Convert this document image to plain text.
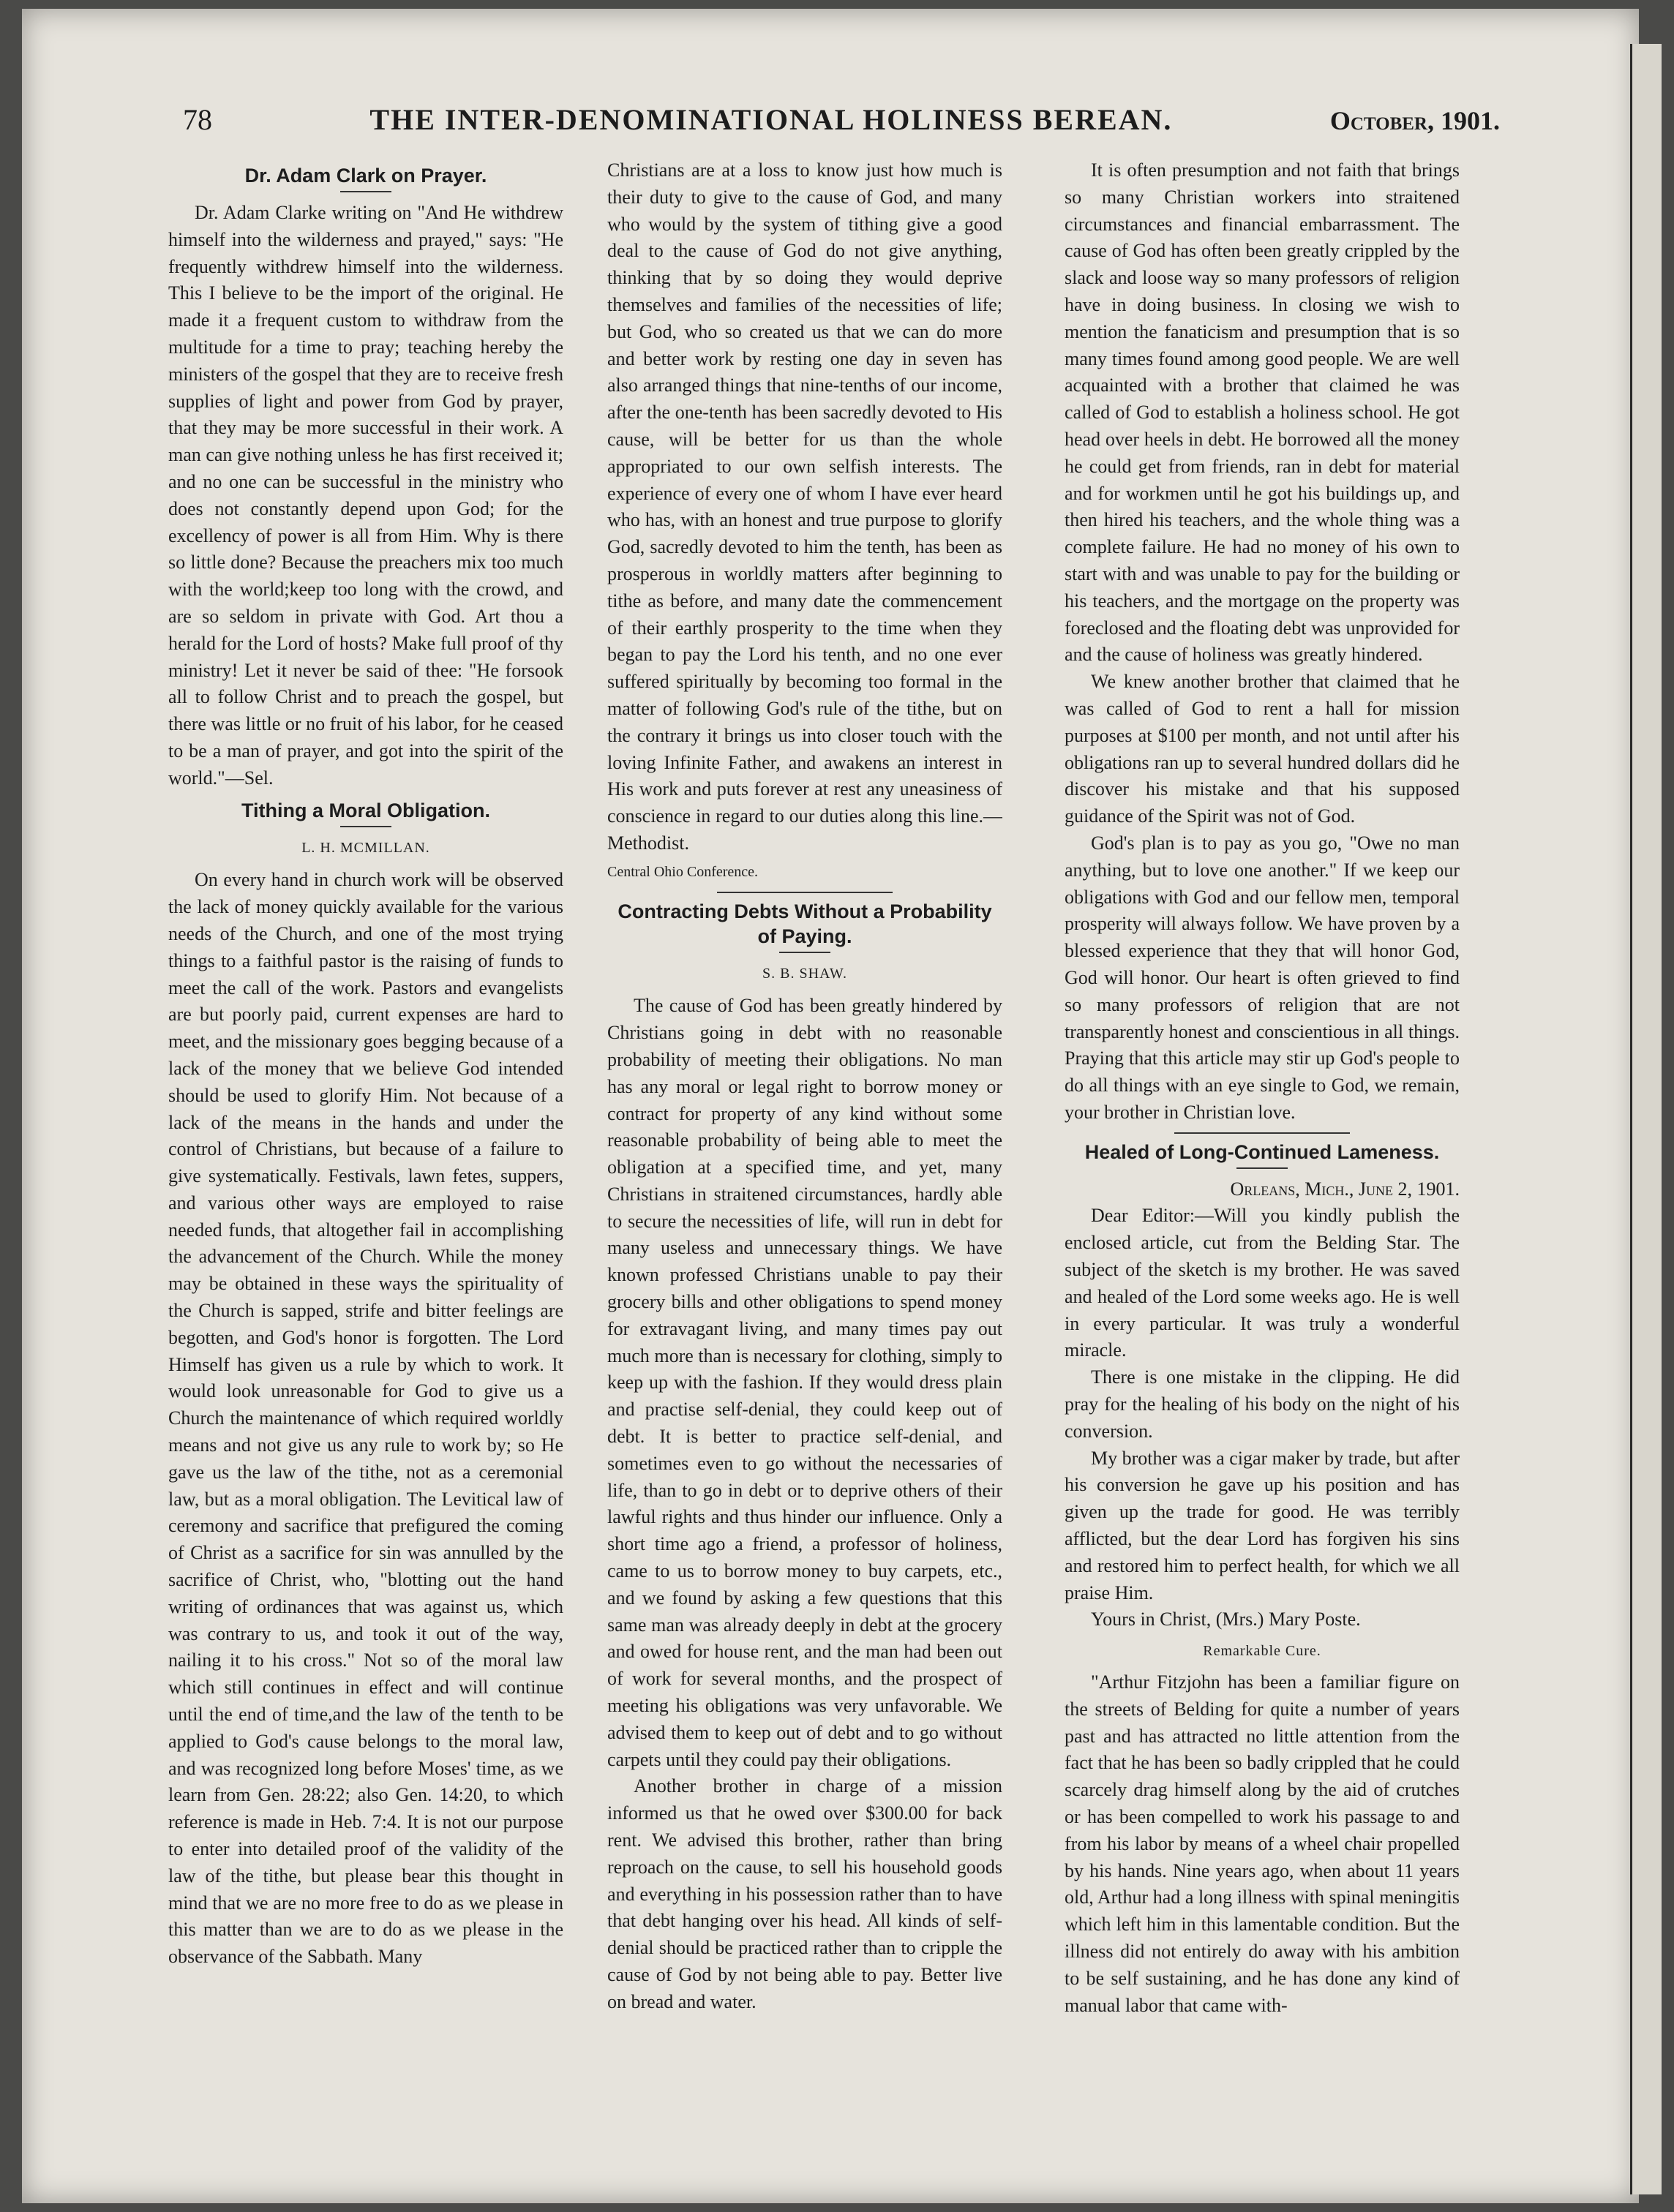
78	THE INTER-DENOMINATIONAL HOLINESS BEREAN.	October, 1901.
Dr. Adam Clark on Prayer.

Dr. Adam Clarke writing on "And He withdrew himself into the wilderness and prayed," says: "He frequently withdrew himself into the wilderness. This I believe to be the import of the original. He made it a frequent custom to withdraw from the multitude for a time to pray; teaching hereby the ministers of the gospel that they are to receive fresh supplies of light and power from God by prayer, that they may be more successful in their work. A man can give nothing unless he has first received it; and no one can be successful in the ministry who does not constantly depend upon God; for the excellency of power is all from Him. Why is there so little done? Because the preachers mix too much with the world;keep too long with the crowd, and are so seldom in private with God. Art thou a herald for the Lord of hosts? Make full proof of thy ministry! Let it never be said of thee: "He forsook all to follow Christ and to preach the gospel, but there was little or no fruit of his labor, for he ceased to be a man of prayer, and got into the spirit of the world."—Sel.

Tithing a Moral Obligation.
L. H. MCMILLAN.

On every hand in church work will be observed the lack of money quickly available for the various needs of the Church, and one of the most trying things to a faithful pastor is the raising of funds to meet the call of the work. Pastors and evangelists are but poorly paid, current expenses are hard to meet, and the missionary goes begging because of a lack of the money that we believe God intended should be used to glorify Him. Not because of a lack of the means in the hands and under the control of Christians, but because of a failure to give systematically. Festivals, lawn fetes, suppers, and various other ways are employed to raise needed funds, that altogether fail in accomplishing the advancement of the Church. While the money may be obtained in these ways the spirituality of the Church is sapped, strife and bitter feelings are begotten, and God's honor is forgotten. The Lord Himself has given us a rule by which to work. It would look unreasonable for God to give us a Church the maintenance of which required worldly means and not give us any rule to work by; so He gave us the law of the tithe, not as a ceremonial law, but as a moral obligation. The Levitical law of ceremony and sacrifice that prefigured the coming of Christ as a sacrifice for sin was annulled by the sacrifice of Christ, who, "blotting out the hand writing of ordinances that was against us, which was contrary to us, and took it out of the way, nailing it to his cross." Not so of the moral law which still continues in effect and will continue until the end of time,and the law of the tenth to be applied to God's cause belongs to the moral law, and was recognized long before Moses' time, as we learn from Gen. 28:22; also Gen. 14:20, to which reference is made in Heb. 7:4. It is not our purpose to enter into detailed proof of the validity of the law of the tithe, but please bear this thought in mind that we are no more free to do as we please in this matter than we are to do as we please in the observance of the Sabbath. Many

Christians are at a loss to know just how much is their duty to give to the cause of God, and many who would by the system of tithing give a good deal to the cause of God do not give anything, thinking that by so doing they would deprive themselves and families of the necessities of life; but God, who so created us that we can do more and better work by resting one day in seven has also arranged things that nine-tenths of our income, after the one-tenth has been sacredly devoted to His cause, will be better for us than the whole appropriated to our own selfish interests. The experience of every one of whom I have ever heard who has, with an honest and true purpose to glorify God, sacredly devoted to him the tenth, has been as prosperous in worldly matters after beginning to tithe as before, and many date the commencement of their earthly prosperity to the time when they began to pay the Lord his tenth, and no one ever suffered spiritually by becoming too formal in the matter of following God's rule of the tithe, but on the contrary it brings us into closer touch with the loving Infinite Father, and awakens an interest in His work and puts forever at rest any uneasiness of conscience in regard to our duties along this line.—Methodist.

Central Ohio Conference.
Contracting Debts Without a Probability of Paying.
S. B. SHAW.

The cause of God has been greatly hindered by Christians going in debt with no reasonable probability of meeting their obligations. No man has any moral or legal right to borrow money or contract for property of any kind without some reasonable probability of being able to meet the obligation at a specified time, and yet, many Christians in straitened circumstances, hardly able to secure the necessities of life, will run in debt for many useless and unnecessary things. We have known professed Christians unable to pay their grocery bills and other obligations to spend money for extravagant living, and many times pay out much more than is necessary for clothing, simply to keep up with the fashion. If they would dress plain and practise self-denial, they could keep out of debt. It is better to practice self-denial, and sometimes even to go without the necessaries of life, than to go in debt or to deprive others of their lawful rights and thus hinder our influence. Only a short time ago a friend, a professor of holiness, came to us to borrow money to buy carpets, etc., and we found by asking a few questions that this same man was already deeply in debt at the grocery and owed for house rent, and the man had been out of work for several months, and the prospect of meeting his obligations was very unfavorable. We advised them to keep out of debt and to go without carpets until they could pay their obligations.

Another brother in charge of a mission informed us that he owed over $300.00 for back rent. We advised this brother, rather than bring reproach on the cause, to sell his household goods and everything in his possession rather than to have that debt hanging over his head. All kinds of self-denial should be practiced rather than to cripple the cause of God by not being able to pay. Better live on bread and water.

It is often presumption and not faith that brings so many Christian workers into straitened circumstances and financial embarrassment. The cause of God has often been greatly crippled by the slack and loose way so many professors of religion have in doing business. In closing we wish to mention the fanaticism and presumption that is so many times found among good people. We are well acquainted with a brother that claimed he was called of God to establish a holiness school. He got head over heels in debt. He borrowed all the money he could get from friends, ran in debt for material and for workmen until he got his buildings up, and then hired his teachers, and the whole thing was a complete failure. He had no money of his own to start with and was unable to pay for the building or his teachers, and the mortgage on the property was foreclosed and the floating debt was unprovided for and the cause of holiness was greatly hindered.

We knew another brother that claimed that he was called of God to rent a hall for mission purposes at $100 per month, and not until after his obligations ran up to several hundred dollars did he discover his mistake and that his supposed guidance of the Spirit was not of God.

God's plan is to pay as you go, "Owe no man anything, but to love one another." If we keep our obligations with God and our fellow men, temporal prosperity will always follow. We have proven by a blessed experience that they that will honor God, God will honor. Our heart is often grieved to find so many professors of religion that are not transparently honest and conscientious in all things. Praying that this article may stir up God's people to do all things with an eye single to God, we remain, your brother in Christian love.

Healed of Long-Continued Lameness.
Orleans, Mich., June 2, 1901.

Dear Editor:—Will you kindly publish the enclosed article, cut from the Belding Star. The subject of the sketch is my brother. He was saved and healed of the Lord some weeks ago. He is well in every particular. It was truly a wonderful miracle.

There is one mistake in the clipping. He did pray for the healing of his body on the night of his conversion.

My brother was a cigar maker by trade, but after his conversion he gave up his position and has given up the trade for good. He was terribly afflicted, but the dear Lord has forgiven his sins and restored him to perfect health, for which we all praise Him.

Yours in Christ, (Mrs.) Mary Poste.

Remarkable Cure.

"Arthur Fitzjohn has been a familiar figure on the streets of Belding for quite a number of years past and has attracted no little attention from the fact that he has been so badly crippled that he could scarcely drag himself along by the aid of crutches or has been compelled to work his passage to and from his labor by means of a wheel chair propelled by his hands. Nine years ago, when about 11 years old, Arthur had a long illness with spinal meningitis which left him in this lamentable condition. But the illness did not entirely do away with his ambition to be self sustaining, and he has done any kind of manual labor that came with-
